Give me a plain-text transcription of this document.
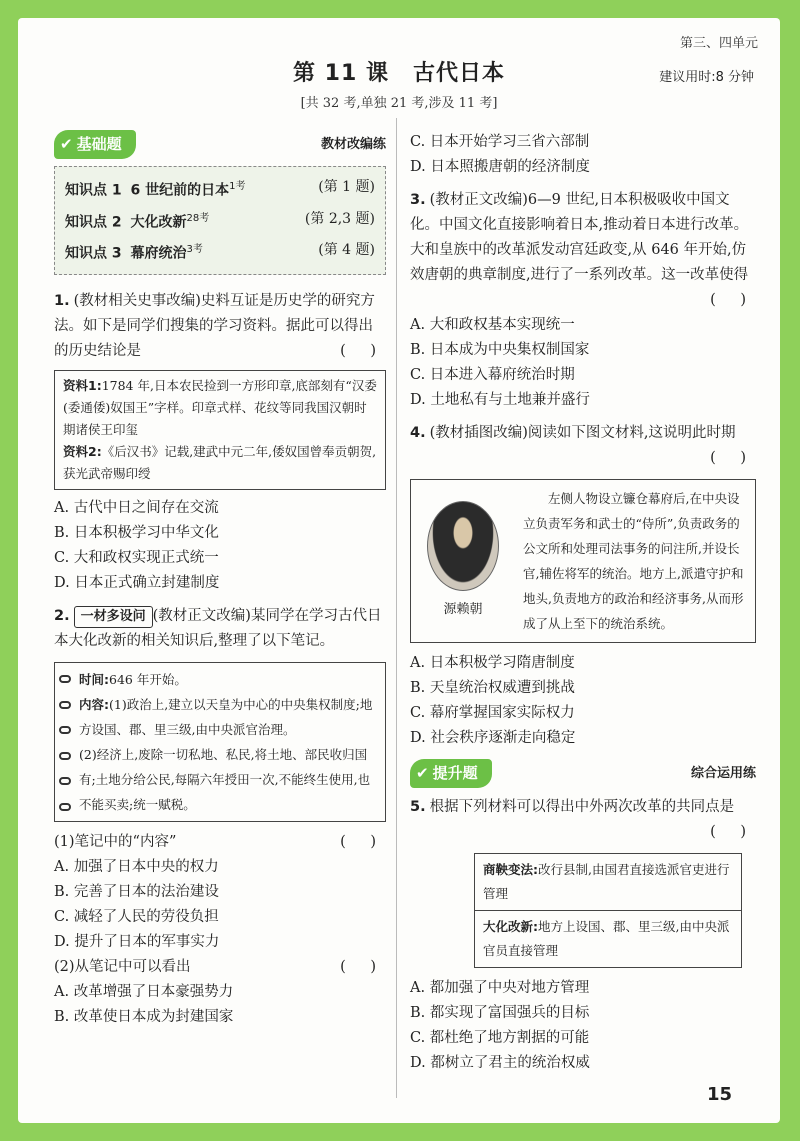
第三、四单元
第 11 课 古代日本	建议用时:8 分钟
[共 32 考,单独 21 考,涉及 11 考]
✔ 基础题	教材改编练
知识点 1 6 世纪前的日本$^{1考}$	(第 1 题)
知识点 2 大化改新$^{28考}$	(第 2,3 题)
知识点 3 幕府统治$^{3考}$	(第 4 题)
1. (教材相关史事改编)史料互证是历史学的研究方法。如下是同学们搜集的学习资料。据此可以得出的历史结论是	( )
资料1:1784 年,日本农民捡到一方形印章,底部刻有“汉委(委通倭)奴国王”字样。印章式样、花纹等同我国汉朝时期诸侯王印玺
资料2:《后汉书》记载,建武中元二年,倭奴国曾奉贡朝贺,获光武帝赐印绶
A. 古代中日之间存在交流
B. 日本积极学习中华文化
C. 大和政权实现正式统一
D. 日本正式确立封建制度
2. 一材多设问 (教材正文改编)某同学在学习古代日本大化改新的相关知识后,整理了以下笔记。
时间:646 年开始。
内容:(1)政治上,建立以天皇为中心的中央集权制度;地方设国、郡、里三级,由中央派官治理。
(2)经济上,废除一切私地、私民,将土地、部民收归国有;土地分给公民,每隔六年授田一次,不能终生使用,也不能买卖;统一赋税。
(1)笔记中的“内容”	( )
A. 加强了日本中央的权力
B. 完善了日本的法治建设
C. 减轻了人民的劳役负担
D. 提升了日本的军事实力
(2)从笔记中可以看出	( )
A. 改革增强了日本豪强势力
B. 改革使日本成为封建国家
C. 日本开始学习三省六部制
D. 日本照搬唐朝的经济制度
3. (教材正文改编)6—9 世纪,日本积极吸收中国文化。中国文化直接影响着日本,推动着日本进行改革。大和皇族中的改革派发动宫廷政变,从 646 年开始,仿效唐朝的典章制度,进行了一系列改革。这一改革使得
( )
A. 大和政权基本实现统一
B. 日本成为中央集权制国家
C. 日本进入幕府统治时期
D. 土地私有与土地兼并盛行
4. (教材插图改编)阅读如下图文材料,这说明此时期
( )
源赖朝
左侧人物设立镰仓幕府后,在中央设立负责军务和武士的“侍所”,负责政务的公文所和处理司法事务的问注所,并设长官,辅佐将军的统治。地方上,派遣守护和地头,负责地方的政治和经济事务,从而形成了从上至下的统治系统。
A. 日本积极学习隋唐制度
B. 天皇统治权威遭到挑战
C. 幕府掌握国家实际权力
D. 社会秩序逐渐走向稳定
✔ 提升题	综合运用练
5. 根据下列材料可以得出中外两次改革的共同点是
( )
商鞅变法:改行县制,由国君直接选派官吏进行管理
大化改新:地方上设国、郡、里三级,由中央派官员直接管理
A. 都加强了中央对地方管理
B. 都实现了富国强兵的目标
C. 都杜绝了地方割据的可能
D. 都树立了君主的统治权威
15
